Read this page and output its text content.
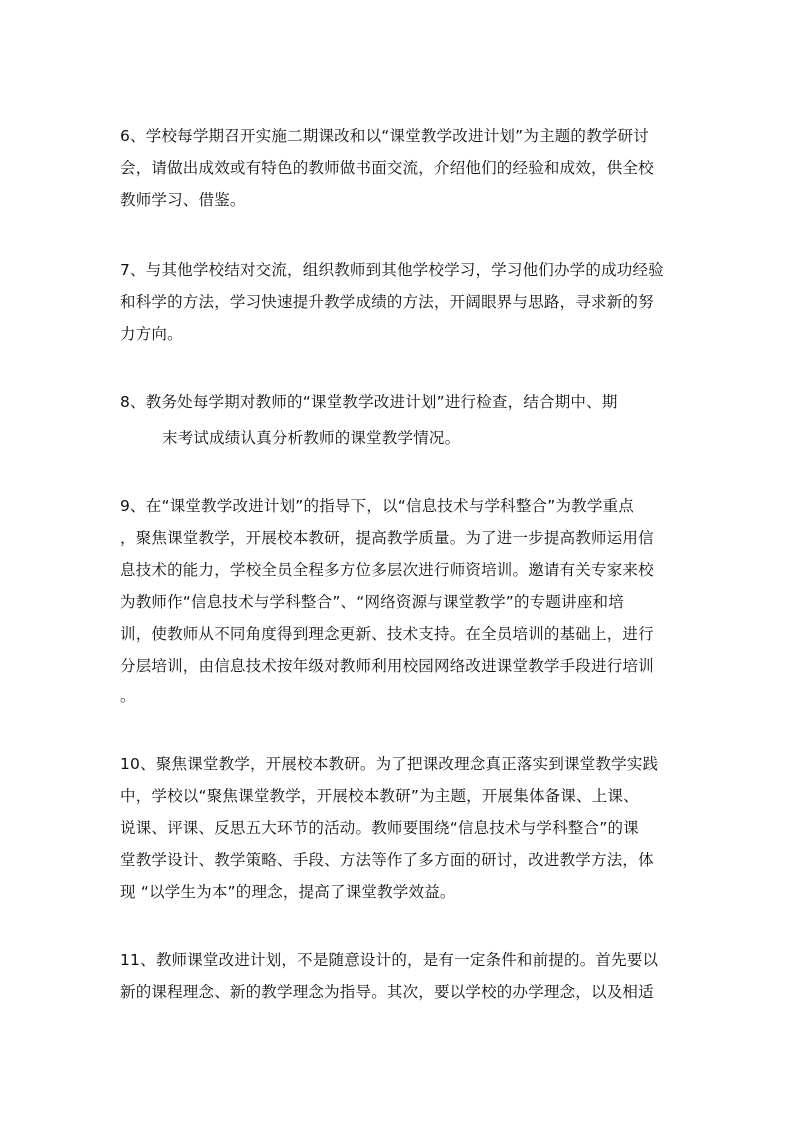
6、学校每学期召开实施二期课改和以“课堂教学改进计划”为主题的教学研讨
会，请做出成效或有特色的教师做书面交流，介绍他们的经验和成效，供全校
教师学习、借鉴。
7、与其他学校结对交流，组织教师到其他学校学习，学习他们办学的成功经验
和科学的方法，学习快速提升教学成绩的方法，开阔眼界与思路，寻求新的努
力方向。
8、教务处每学期对教师的“课堂教学改进计划”进行检查，结合期中、期
末考试成绩认真分析教师的课堂教学情况。
9、在“课堂教学改进计划”的指导下，以“信息技术与学科整合”为教学重点
，聚焦课堂教学，开展校本教研，提高教学质量。为了进一步提高教师运用信
息技术的能力，学校全员全程多方位多层次进行师资培训。邀请有关专家来校
为教师作“信息技术与学科整合”、“网络资源与课堂教学”的专题讲座和培
训，使教师从不同角度得到理念更新、技术支持。在全员培训的基础上，进行
分层培训，由信息技术按年级对教师利用校园网络改进课堂教学手段进行培训
。
10、聚焦课堂教学，开展校本教研。为了把课改理念真正落实到课堂教学实践
中，学校以“聚焦课堂教学，开展校本教研”为主题，开展集体备课、上课、
说课、评课、反思五大环节的活动。教师要围绕“信息技术与学科整合”的课
堂教学设计、教学策略、手段、方法等作了多方面的研讨，改进教学方法，体
现 “以学生为本”的理念，提高了课堂教学效益。
11、教师课堂改进计划，不是随意设计的，是有一定条件和前提的。首先要以
新的课程理念、新的教学理念为指导。其次，要以学校的办学理念，以及相适
